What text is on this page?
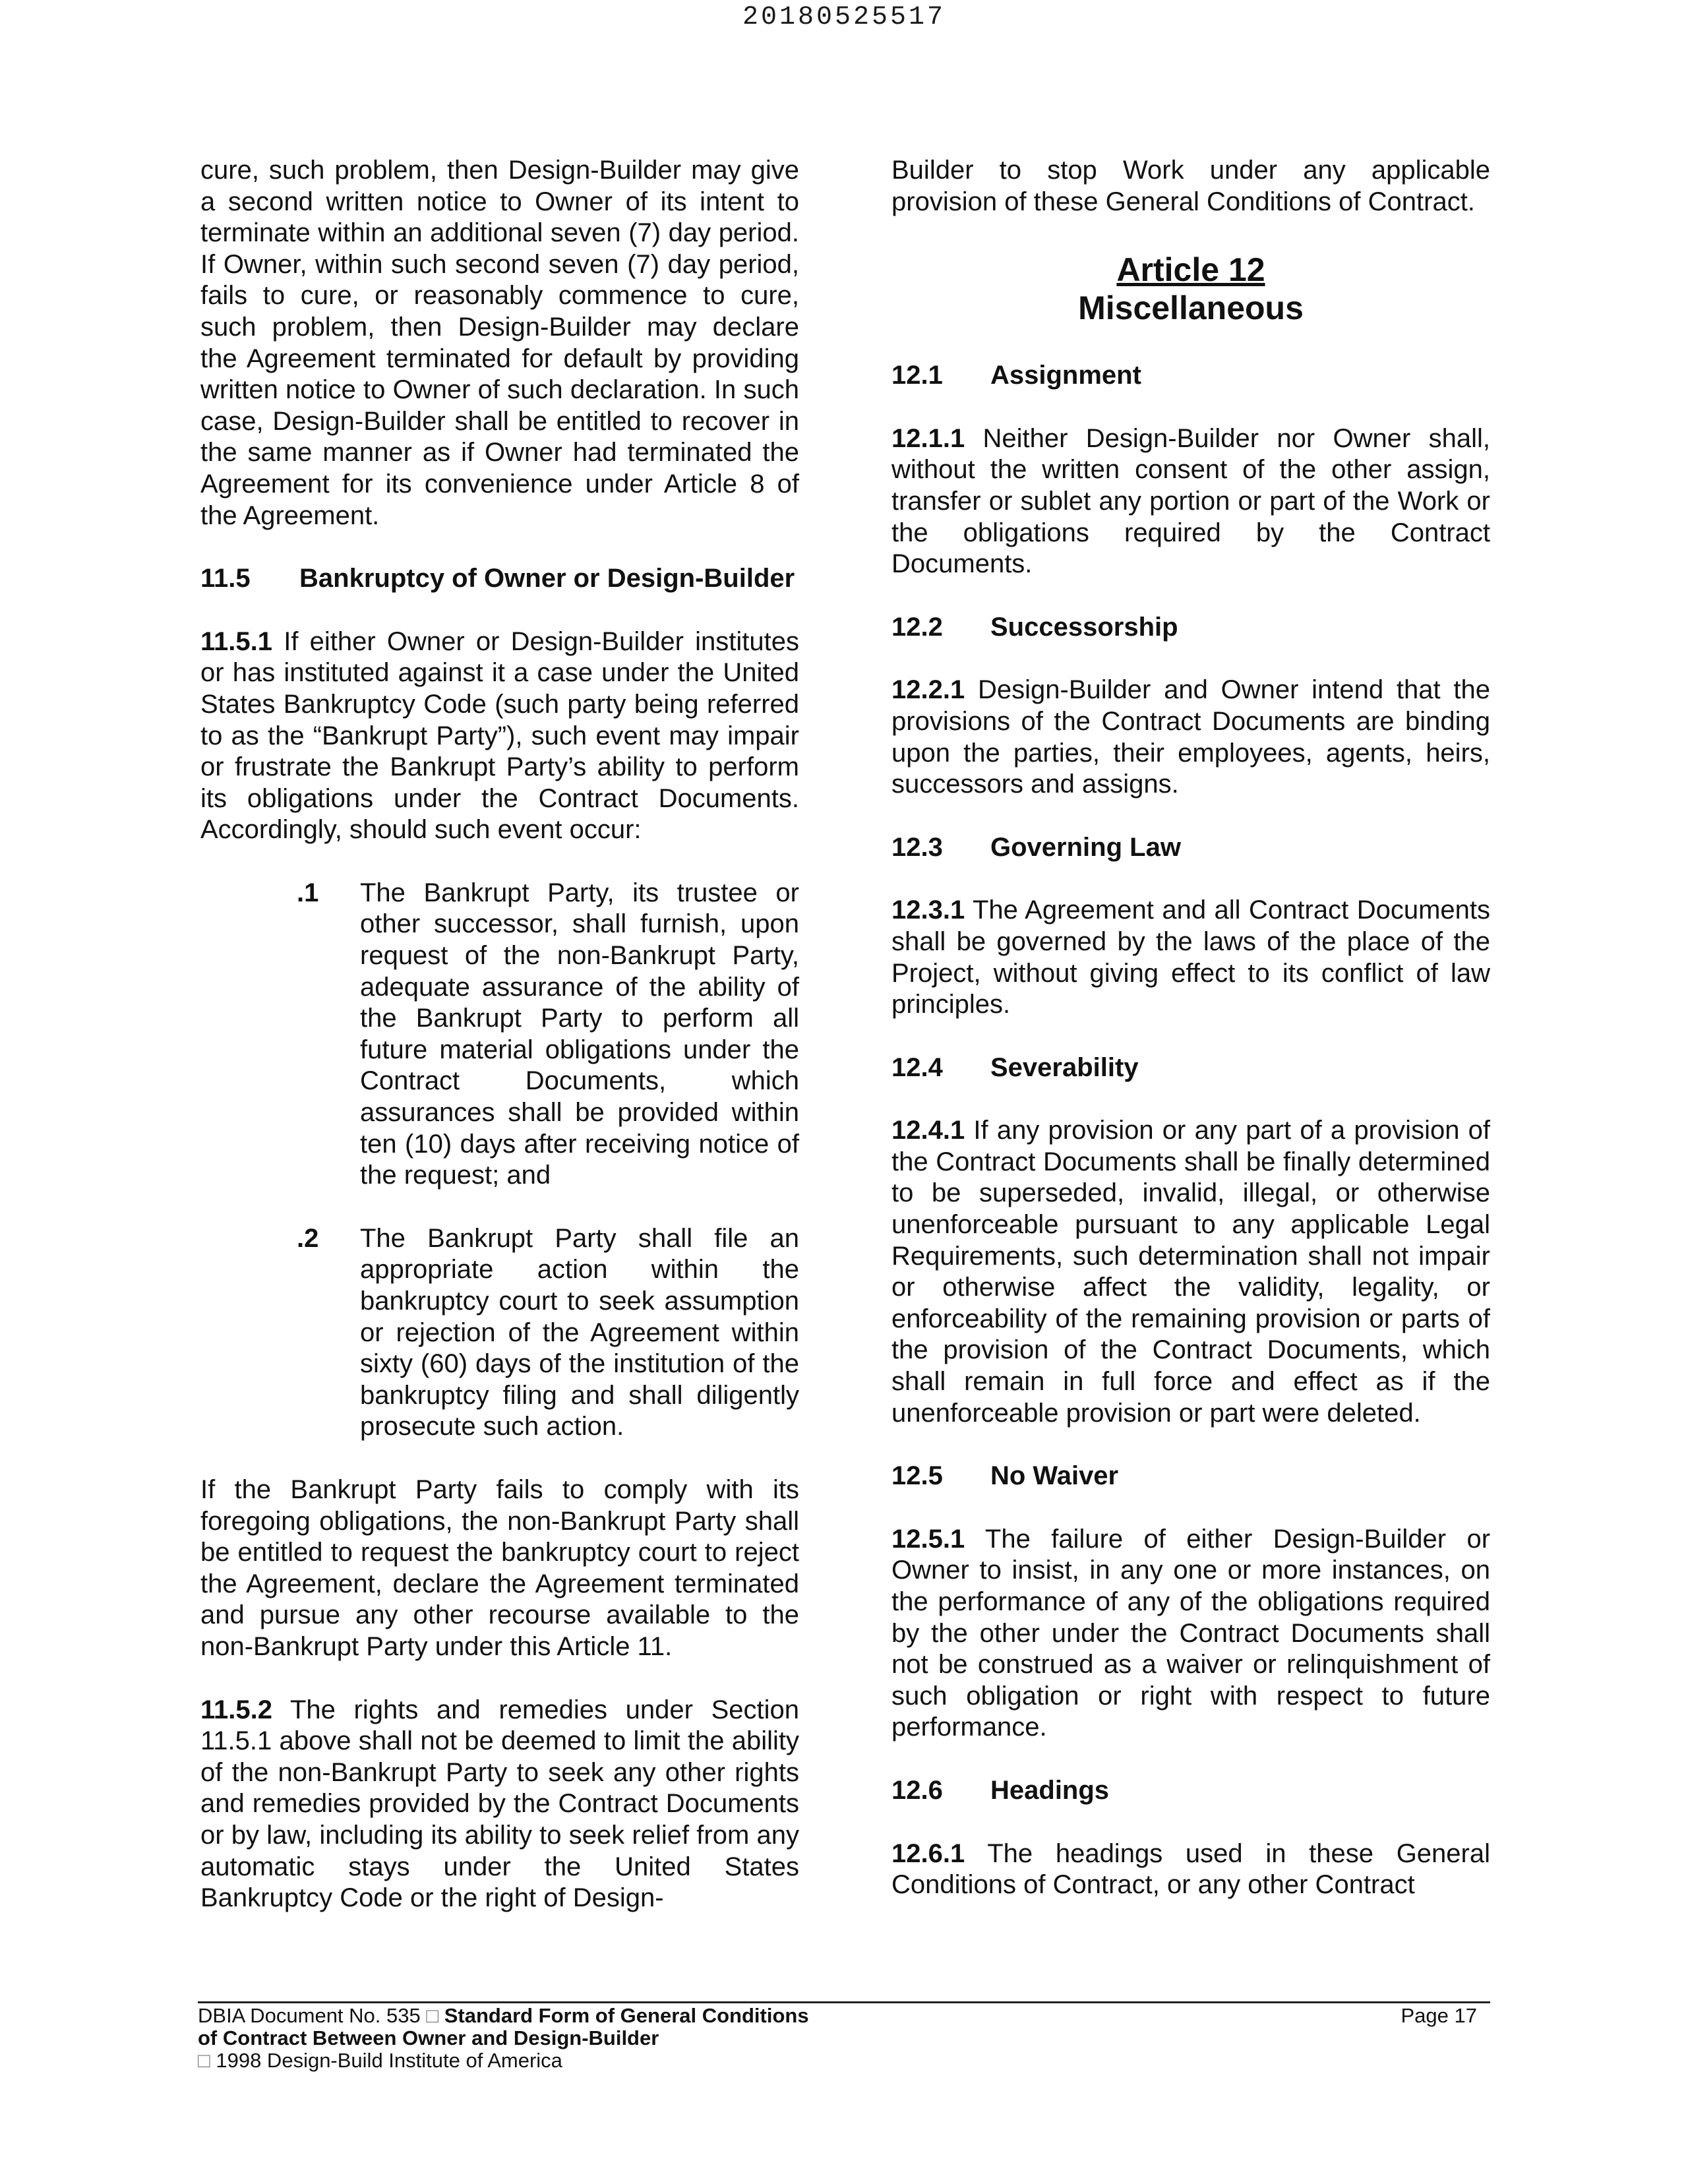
20180525517

cure, such problem, then Design-Builder may give a second written notice to Owner of its intent to terminate within an additional seven (7) day period. If Owner, within such second seven (7) day period, fails to cure, or reasonably commence to cure, such problem, then Design-Builder may declare the Agreement terminated for default by providing written notice to Owner of such declaration. In such case, Design-Builder shall be entitled to recover in the same manner as if Owner had terminated the Agreement for its convenience under Article 8 of the Agreement.

11.5	Bankruptcy of Owner or Design-Builder

11.5.1 If either Owner or Design-Builder institutes or has instituted against it a case under the United States Bankruptcy Code (such party being referred to as the “Bankrupt Party”), such event may impair or frustrate the Bankrupt Party’s ability to perform its obligations under the Contract Documents. Accordingly, should such event occur:

.1	The Bankrupt Party, its trustee or other successor, shall furnish, upon request of the non-Bankrupt Party, adequate assurance of the ability of the Bankrupt Party to perform all future material obligations under the Contract Documents, which assurances shall be provided within ten (10) days after receiving notice of the request; and
.2	The Bankrupt Party shall file an appropriate action within the bankruptcy court to seek assumption or rejection of the Agreement within sixty (60) days of the institution of the bankruptcy filing and shall diligently prosecute such action.

If the Bankrupt Party fails to comply with its foregoing obligations, the non-Bankrupt Party shall be entitled to request the bankruptcy court to reject the Agreement, declare the Agreement terminated and pursue any other recourse available to the non-Bankrupt Party under this Article 11.

11.5.2 The rights and remedies under Section 11.5.1 above shall not be deemed to limit the ability of the non-Bankrupt Party to seek any other rights and remedies provided by the Contract Documents or by law, including its ability to seek relief from any automatic stays under the United States Bankruptcy Code or the right of Design-

Builder to stop Work under any applicable provision of these General Conditions of Contract.

Article 12
Miscellaneous
12.1	Assignment

12.1.1 Neither Design-Builder nor Owner shall, without the written consent of the other assign, transfer or sublet any portion or part of the Work or the obligations required by the Contract Documents.

12.2	Successorship

12.2.1 Design-Builder and Owner intend that the provisions of the Contract Documents are binding upon the parties, their employees, agents, heirs, successors and assigns.

12.3	Governing Law

12.3.1 The Agreement and all Contract Documents shall be governed by the laws of the place of the Project, without giving effect to its conflict of law principles.

12.4	Severability

12.4.1 If any provision or any part of a provision of the Contract Documents shall be finally determined to be superseded, invalid, illegal, or otherwise unenforceable pursuant to any applicable Legal Requirements, such determination shall not impair or otherwise affect the validity, legality, or enforceability of the remaining provision or parts of the provision of the Contract Documents, which shall remain in full force and effect as if the unenforceable provision or part were deleted.

12.5	No Waiver

12.5.1 The failure of either Design-Builder or Owner to insist, in any one or more instances, on the performance of any of the obligations required by the other under the Contract Documents shall not be construed as a waiver or relinquishment of such obligation or right with respect to future performance.

12.6	Headings

12.6.1 The headings used in these General Conditions of Contract, or any other Contract

DBIA Document No. 535 □ Standard Form of General Conditions	Page 17
of Contract Between Owner and Design-Builder
□ 1998 Design-Build Institute of America
